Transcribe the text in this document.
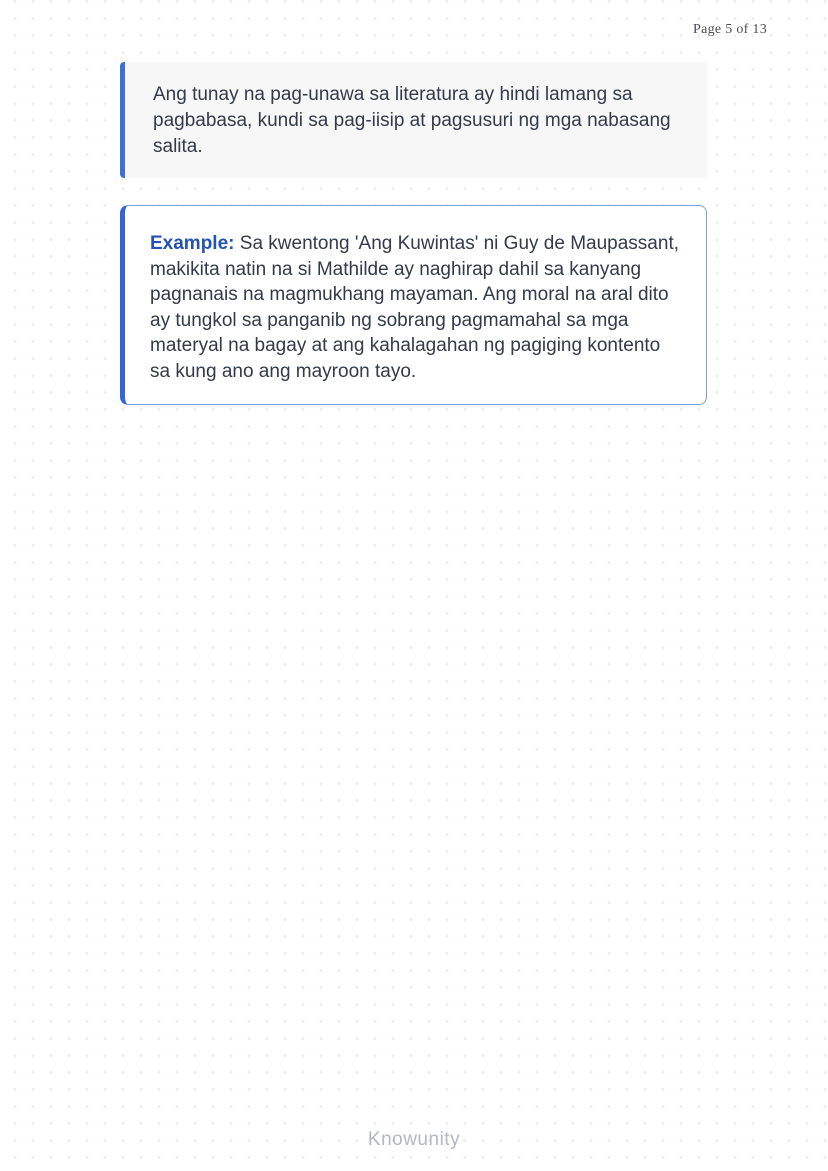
Page 5 of 13
Ang tunay na pag-unawa sa literatura ay hindi lamang sa pagbabasa, kundi sa pag-iisip at pagsusuri ng mga nabasang salita.

Example: Sa kwentong 'Ang Kuwintas' ni Guy de Maupassant, makikita natin na si Mathilde ay naghirap dahil sa kanyang pagnanais na magmukhang mayaman. Ang moral na aral dito ay tungkol sa panganib ng sobrang pagmamahal sa mga materyal na bagay at ang kahalagahan ng pagiging kontento sa kung ano ang mayroon tayo.

Knowunity
